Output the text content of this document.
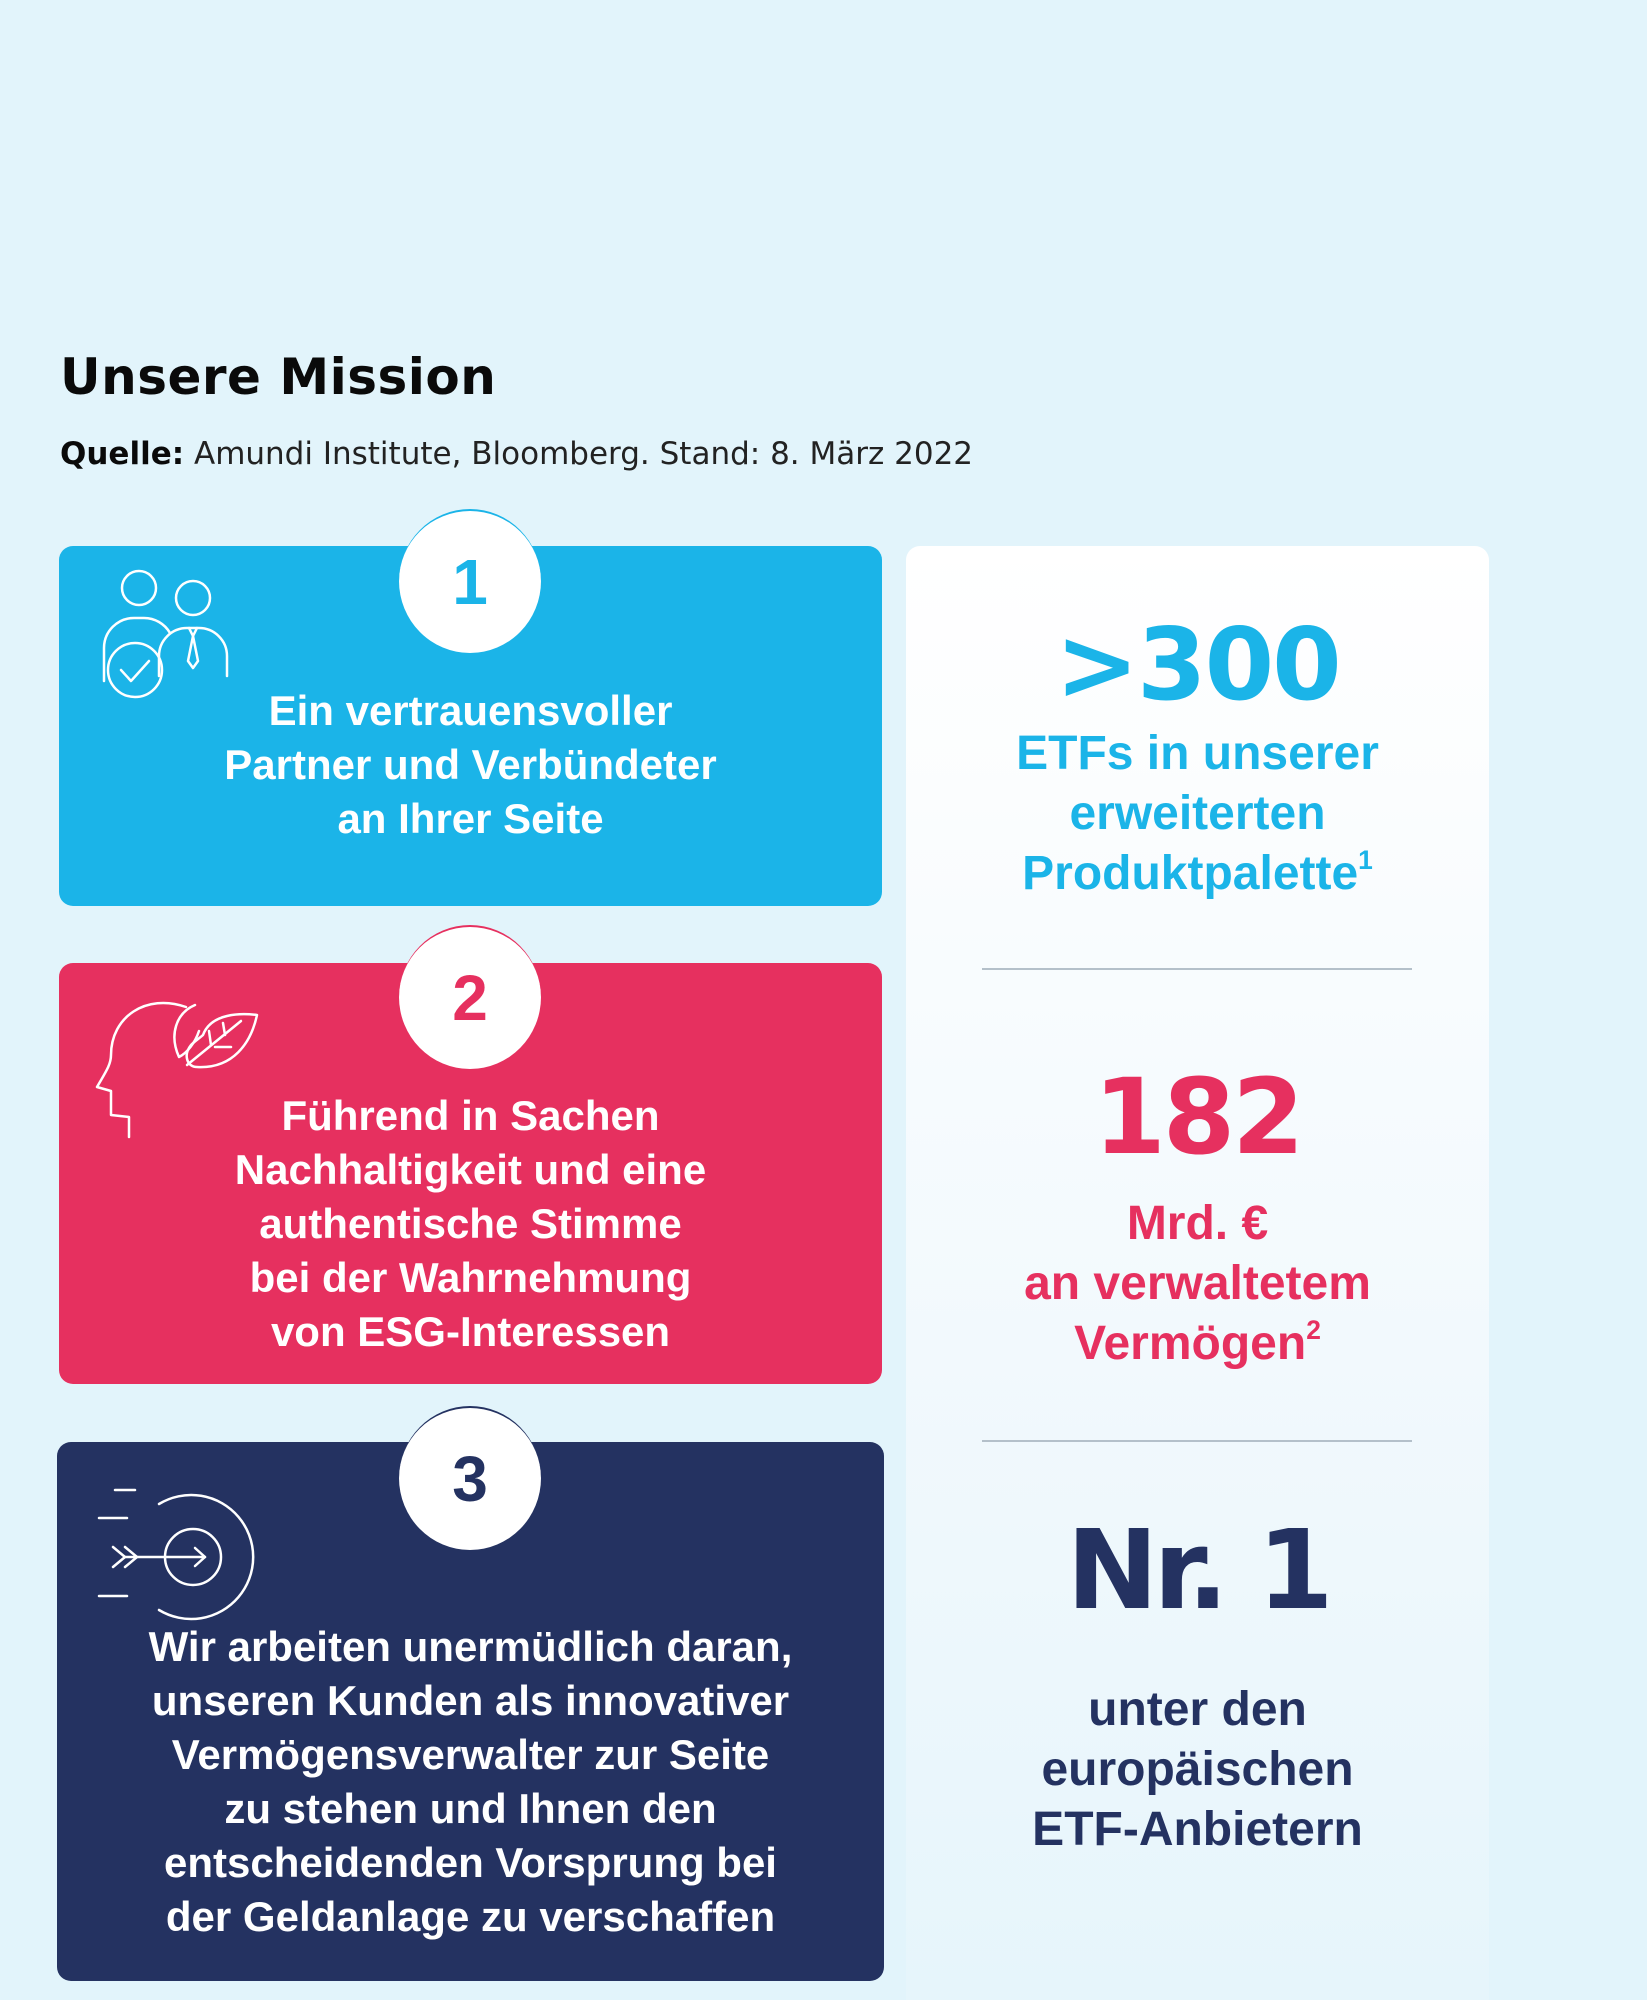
Unsere Mission
Quelle: Amundi Institute, Bloomberg. Stand: 8. März 2022
Ein vertrauensvoller
Partner und Verbündeter
an Ihrer Seite
1
Führend in Sachen
Nachhaltigkeit und eine
authentische Stimme
bei der Wahrnehmung
von ESG-Interessen
2
Wir arbeiten unermüdlich daran,
unseren Kunden als innovativer
Vermögensverwalter zur Seite
zu stehen und Ihnen den
entscheidenden Vorsprung bei
der Geldanlage zu verschaffen
3
>300
ETFs in unserer
erweiterten
Produktpalette$^1$
182
Mrd. €
an verwaltetem
Vermögen$^2$
Nr. 1
unter den
europäischen
ETF-Anbietern
